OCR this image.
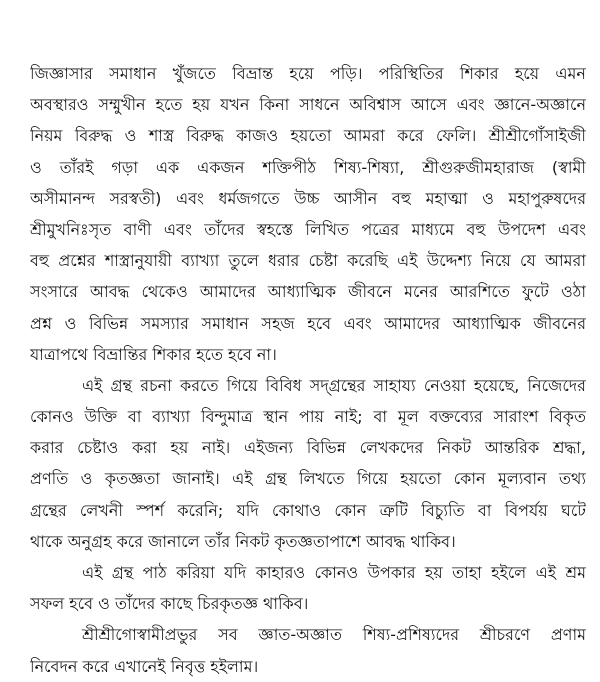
জিজ্ঞাসার সমাধান খুঁজতে বিভ্রান্ত হয়ে পড়ি। পরিস্থিতির শিকার হয়ে এমন
অবস্থারও সম্মুখীন হতে হয় যখন কিনা সাধনে অবিশ্বাস আসে এবং জ্ঞানে-অজ্ঞানে
নিয়ম বিরুদ্ধ ও শাস্ত্র বিরুদ্ধ কাজও হয়তো আমরা করে ফেলি। শ্রীশ্রীগোঁসাইজী
ও তাঁরই গড়া এক একজন শক্তিপীঠ শিষ্য-শিষ্যা, শ্রীগুরুজীমহারাজ (স্বামী
অসীমানন্দ সরস্বতী) এবং ধর্মজগতে উচ্চ আসীন বহু মহাত্মা ও মহাপুরুষদের
শ্রীমুখনিঃসৃত বাণী এবং তাঁদের স্বহস্তে লিখিত পত্রের মাধ্যমে বহু উপদেশ এবং
বহু প্রশ্নের শাস্ত্রানুযায়ী ব্যাখ্যা তুলে ধরার চেষ্টা করেছি এই উদ্দেশ্য নিয়ে যে আমরা
সংসারে আবদ্ধ থেকেও আমাদের আধ্যাত্মিক জীবনে মনের আরশিতে ফুটে ওঠা
প্রশ্ন ও বিভিন্ন সমস্যার সমাধান সহজ হবে এবং আমাদের আধ্যাত্মিক জীবনের
যাত্রাপথে বিভ্রান্তির শিকার হতে হবে না।
এই গ্রন্থ রচনা করতে গিয়ে বিবিধ সদ্গ্রন্থের সাহায্য নেওয়া হয়েছে, নিজেদের
কোনও উক্তি বা ব্যাখ্যা বিন্দুমাত্র স্থান পায় নাই; বা মূল বক্তব্যের সারাংশ বিকৃত
করার চেষ্টাও করা হয় নাই। এইজন্য বিভিন্ন লেখকদের নিকট আন্তরিক শ্রদ্ধা,
প্রণতি ও কৃতজ্ঞতা জানাই। এই গ্রন্থ লিখতে গিয়ে হয়তো কোন মূল্যবান তথ্য
গ্রন্থের লেখনী স্পর্শ করেনি; যদি কোথাও কোন ত্রুটি বিচ্যুতি বা বিপর্যয় ঘটে
থাকে অনুগ্রহ করে জানালে তাঁর নিকট কৃতজ্ঞতাপাশে আবদ্ধ থাকিব।
এই গ্রন্থ পাঠ করিয়া যদি কাহারও কোনও উপকার হয় তাহা হইলে এই শ্রম
সফল হবে ও তাঁদের কাছে চিরকৃতজ্ঞ থাকিব।
শ্রীশ্রীগোস্বামীপ্রভুর সব জ্ঞাত-অজ্ঞাত শিষ্য-প্রশিষ্যদের শ্রীচরণে প্রণাম
নিবেদন করে এখানেই নিবৃত্ত হইলাম।
